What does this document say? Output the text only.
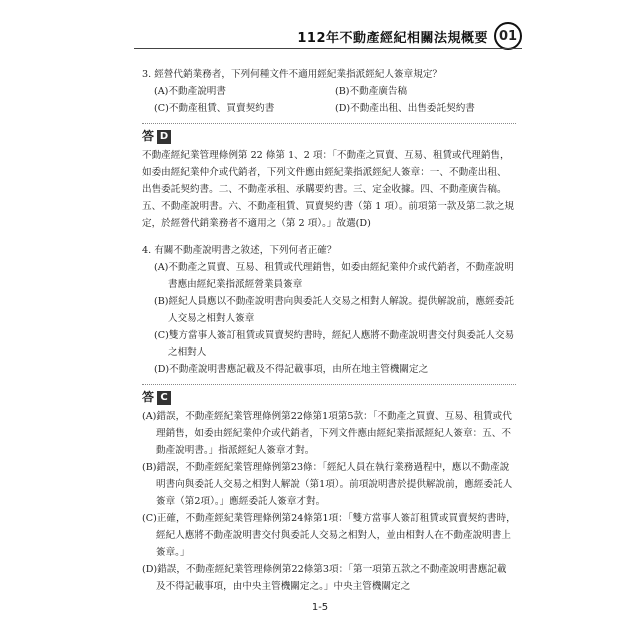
112年不動產經紀相關法規概要 01
3. 經營代銷業務者，下列何種文件不適用經紀業指派經紀人簽章規定？
(A)不動產說明書	(B)不動產廣告稿
(C)不動產租賃、買賣契約書	(D)不動產出租、出售委託契約書
答 D
不動產經紀業管理條例第 22 條第 1、2 項：「不動產之買賣、互易、租賃或代理銷售，如委由經紀業仲介或代銷者，下列文件應由經紀業指派經紀人簽章：一、不動產出租、出售委託契約書。二、不動產承租、承購要約書。三、定金收據。四、不動產廣告稿。五、不動產說明書。六、不動產租賃、買賣契約書（第 1 項）。前項第一款及第二款之規定，於經營代銷業務者不適用之（第 2 項）。」故選(D)
4. 有關不動產說明書之敘述，下列何者正確？
(A)不動產之買賣、互易、租賃或代理銷售，如委由經紀業仲介或代銷者，不動產說明書應由經紀業指派經營業員簽章
(B)經紀人員應以不動產說明書向與委託人交易之相對人解說。提供解說前，應經委託人交易之相對人簽章
(C)雙方當事人簽訂租賃或買賣契約書時，經紀人應將不動產說明書交付與委託人交易之相對人
(D)不動產說明書應記載及不得記載事項，由所在地主管機關定之
答 C
(A)錯誤，不動產經紀業管理條例第22條第1項第5款：「不動產之買賣、互易、租賃或代理銷售，如委由經紀業仲介或代銷者，下列文件應由經紀業指派經紀人簽章：五、不動產說明書。」指派經紀人簽章才對。
(B)錯誤，不動產經紀業管理條例第23條：「經紀人員在執行業務過程中，應以不動產說明書向與委託人交易之相對人解說（第1項）。前項說明書於提供解說前，應經委託人簽章（第2項）。」應經委託人簽章才對。
(C)正確，不動產經紀業管理條例第24條第1項：「雙方當事人簽訂租賃或買賣契約書時，經紀人應將不動產說明書交付與委託人交易之相對人，並由相對人在不動產說明書上簽章。」
(D)錯誤，不動產經紀業管理條例第22條第3項：「第一項第五款之不動產說明書應記載及不得記載事項，由中央主管機關定之。」中央主管機關定之
1-5
